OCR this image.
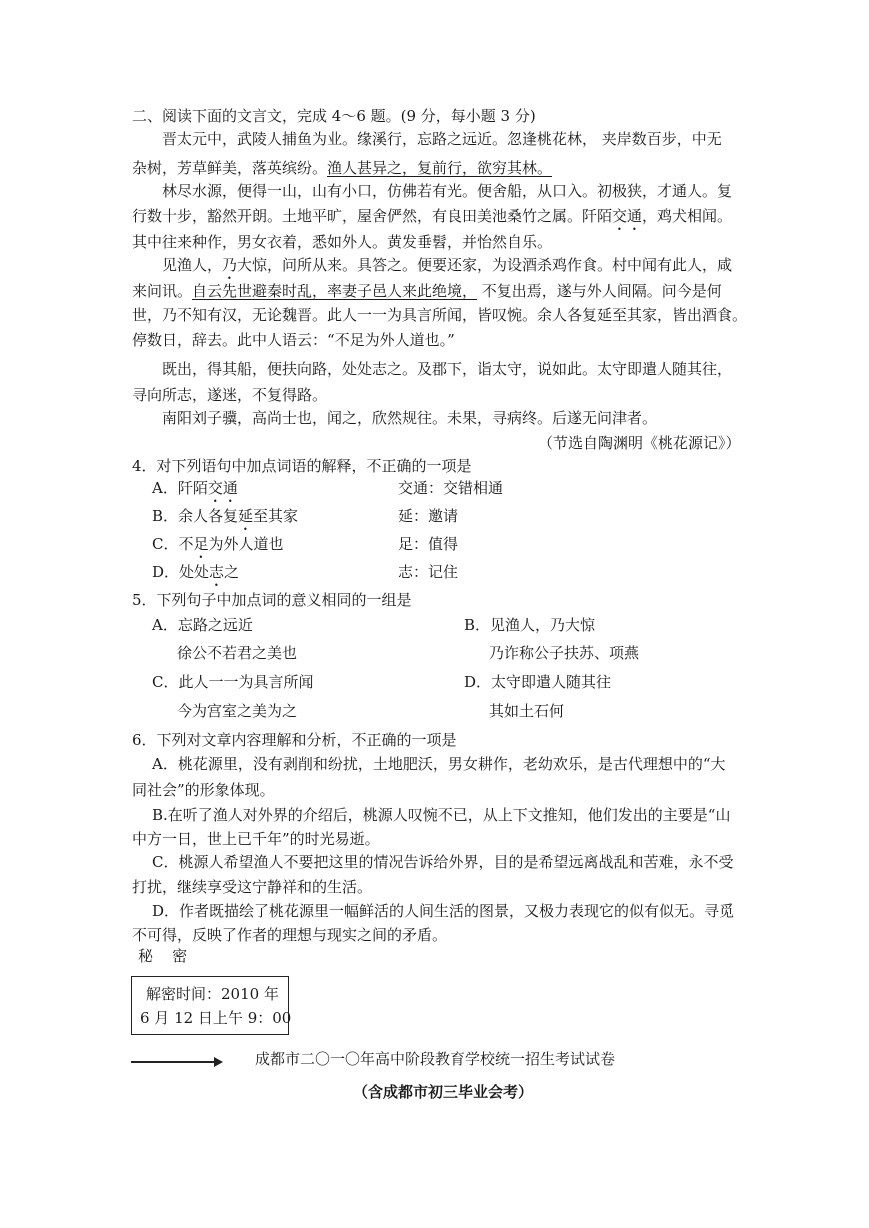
二、阅读下面的文言文，完成 4～6 题。(9 分，每小题 3 分)
晋太元中，武陵人捕鱼为业。缘溪行，忘路之远近。忽逢桃花林， 夹岸数百步，中无
杂树，芳草鲜美，落英缤纷。渔人甚异之，复前行，欲穷其林。
林尽水源，便得一山，山有小口，仿佛若有光。便舍船，从口入。初极狭，才通人。复
行数十步，豁然开朗。土地平旷，屋舍俨然，有良田美池桑竹之属。阡陌交通，鸡犬相闻。
其中往来种作，男女衣着，悉如外人。黄发垂髫，并怡然自乐。
见渔人，乃大惊，问所从来。具答之。便要还家，为设酒杀鸡作食。村中闻有此人，咸
来问讯。自云先世避秦时乱，率妻子邑人来此绝境， 不复出焉，遂与外人间隔。问今是何
世，乃不知有汉，无论魏晋。此人一一为具言所闻，皆叹惋。余人各复延至其家，皆出酒食。
停数日，辞去。此中人语云：“不足为外人道也。”
既出，得其船，便扶向路，处处志之。及郡下，诣太守，说如此。太守即遣人随其往，
寻向所志，遂迷，不复得路。
南阳刘子骥，高尚士也，闻之，欣然规往。未果，寻病终。后遂无问津者。
（节选自陶渊明《桃花源记》）
4．对下列语句中加点词语的解释，不正确的一项是
A．阡陌交通	交通：交错相通
B．余人各复延至其家	延：邀请
C．不足为外人道也	足：值得
D．处处志之	志：记住
5．下列句子中加点词的意义相同的一组是
A．忘路之远近	B．见渔人，乃大惊
徐公不若君之美也	乃诈称公子扶苏、项燕
C．此人一一为具言所闻	D．太守即遣人随其往
今为宫室之美为之	其如土石何
6．下列对文章内容理解和分析，不正确的一项是
A．桃花源里，没有剥削和纷扰，土地肥沃，男女耕作，老幼欢乐，是古代理想中的“大
同社会”的形象体现。
B.在听了渔人对外界的介绍后，桃源人叹惋不已，从上下文推知，他们发出的主要是“山
中方一日，世上已千年”的时光易逝。
C．桃源人希望渔人不要把这里的情况告诉给外界，目的是希望远离战乱和苦难，永不受
打扰，继续享受这宁静祥和的生活。
D．作者既描绘了桃花源里一幅鲜活的人间生活的图景，又极力表现它的似有似无。寻觅
不可得，反映了作者的理想与现实之间的矛盾。
秘    密
解密时间：2010 年
6 月 12 日上午 9：00
成都市二〇一〇年高中阶段教育学校统一招生考试试卷
（含成都市初三毕业会考）
